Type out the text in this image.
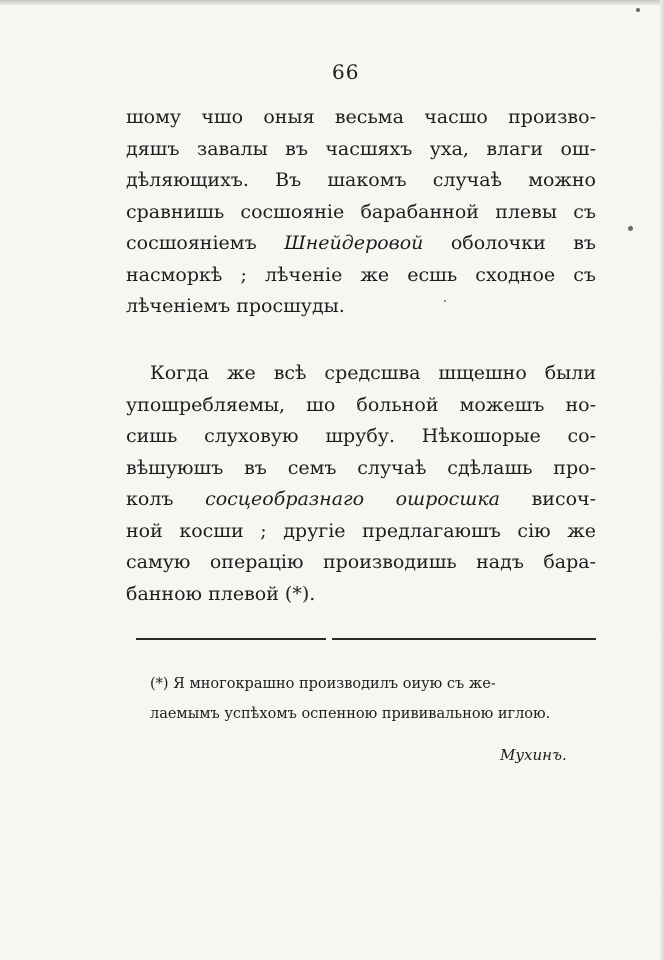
66
шому чшо оныя весьма часшо произво-
дяшъ завалы въ часшяхъ уха, влаги ош-
дѣляющихъ. Въ шакомъ случаѣ можно
сравнишь сосшояніе барабанной плевы съ
сосшояніемъ Шнейдеровой оболочки въ
насморкѣ ; лѣченіе же есшь сходное съ
лѣченіемъ просшуды.
Когда же всѣ средсшва шщешно были
упошребляемы, шо больной можешъ но-
сишь слуховую шрубу. Нѣкошорые со-
вѣшуюшъ въ семъ случаѣ сдѣлашь про-
колъ сосцеобразнаго ошросшка височ-
ной косши ; другіе предлагаюшъ сію же
самую операцію производишь надъ бара-
банною плевой (*).
(*) Я многокрашно производилъ оиую съ же-
лаемымъ успѣхомъ оспенною прививальною иглою.
Мухинъ.
